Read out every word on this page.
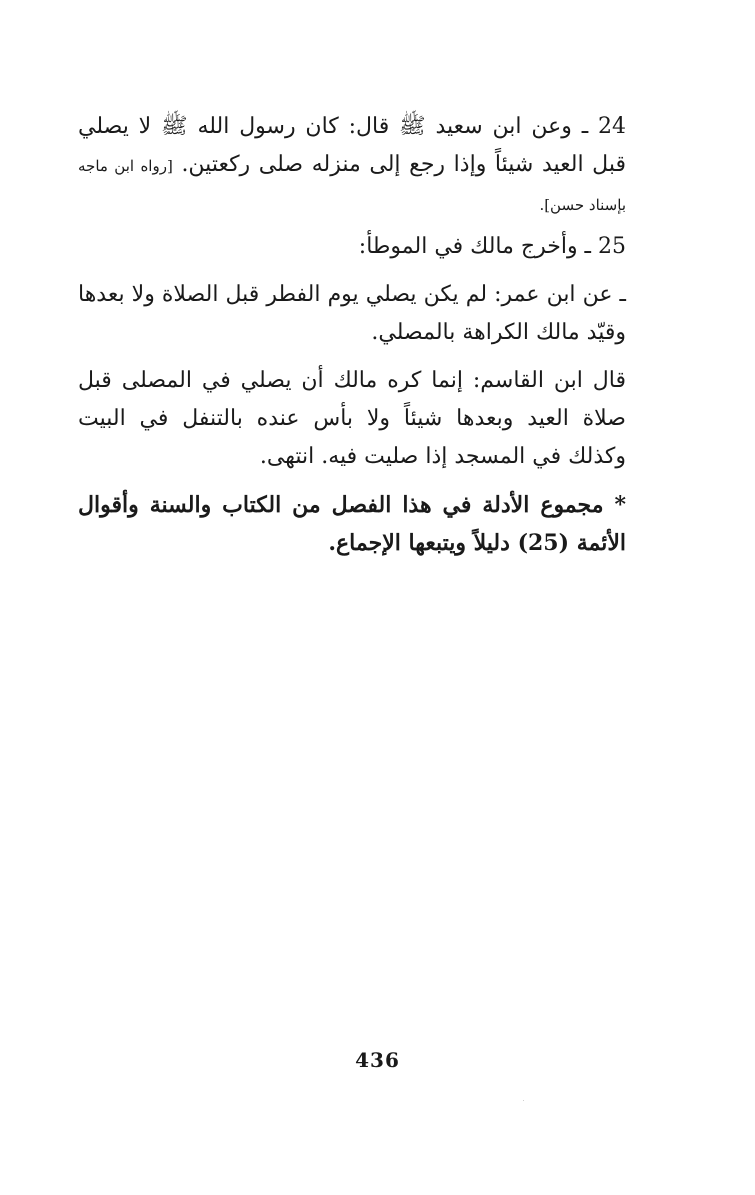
24 ـ وعن ابن سعيد ﷺ قال: كان رسول الله ﷺ لا يصلي قبل العيد شيئاً وإذا رجع إلى منزله صلى ركعتين. [رواه ابن ماجه بإسناد حسن].

25 ـ وأخرج مالك في الموطأ:

ـ عن ابن عمر: لم يكن يصلي يوم الفطر قبل الصلاة ولا بعدها وقيّد مالك الكراهة بالمصلي.

قال ابن القاسم: إنما كره مالك أن يصلي في المصلى قبل صلاة العيد وبعدها شيئاً ولا بأس عنده بالتنفل في البيت وكذلك في المسجد إذا صليت فيه. انتهى.

* مجموع الأدلة في هذا الفصل من الكتاب والسنة وأقوال الأئمة (25) دليلاً ويتبعها الإجماع.

436
